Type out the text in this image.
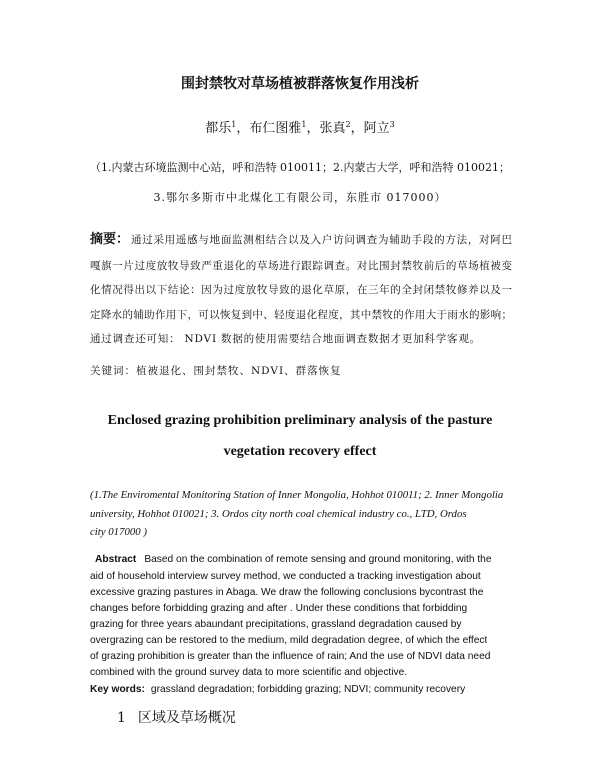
围封禁牧对草场植被群落恢复作用浅析
都乐$^1$，布仁图雅$^1$，张真$^2$，阿立$^3$
（1.内蒙古环境监测中心站，呼和浩特 010011；2.内蒙古大学，呼和浩特 010021；
3.鄂尔多斯市中北煤化工有限公司，东胜市 017000）
摘要： 通过采用遥感与地面监测相结合以及入户访问调查为辅助手段的方法，对阿巴
嘎旗一片过度放牧导致严重退化的草场进行跟踪调查。对比围封禁牧前后的草场植被变
化情况得出以下结论：因为过度放牧导致的退化草原，在三年的全封闭禁牧修养以及一
定降水的辅助作用下，可以恢复到中、轻度退化程度，其中禁牧的作用大于雨水的影响；
通过调查还可知： NDVI 数据的使用需要结合地面调查数据才更加科学客观。
关键词：植被退化、围封禁牧、NDVI、群落恢复
Enclosed grazing prohibition preliminary analysis of the pasture
vegetation recovery effect
(1.The Enviromental Monitoring Station of Inner Mongolia, Hohhot 010011; 2. Inner Mongolia
university, Hohhot 010021; 3. Ordos city north coal chemical industry co., LTD, Ordos
city 017000 )
Abstract Based on the combination of remote sensing and ground monitoring, with the
aid of household interview survey method, we conducted a tracking investigation about
excessive grazing pastures in Abaga. We draw the following conclusions bycontrast the
changes before forbidding grazing and after . Under these conditions that forbidding
grazing for three years abaundant precipitations, grassland degradation caused by
overgrazing can be restored to the medium, mild degradation degree, of which the effect
of grazing prohibition is greater than the influence of rain; And the use of NDVI data need
combined with the ground survey data to more scientific and objective.
Key words: grassland degradation; forbidding grazing; NDVI; community recovery
1 区域及草场概况
